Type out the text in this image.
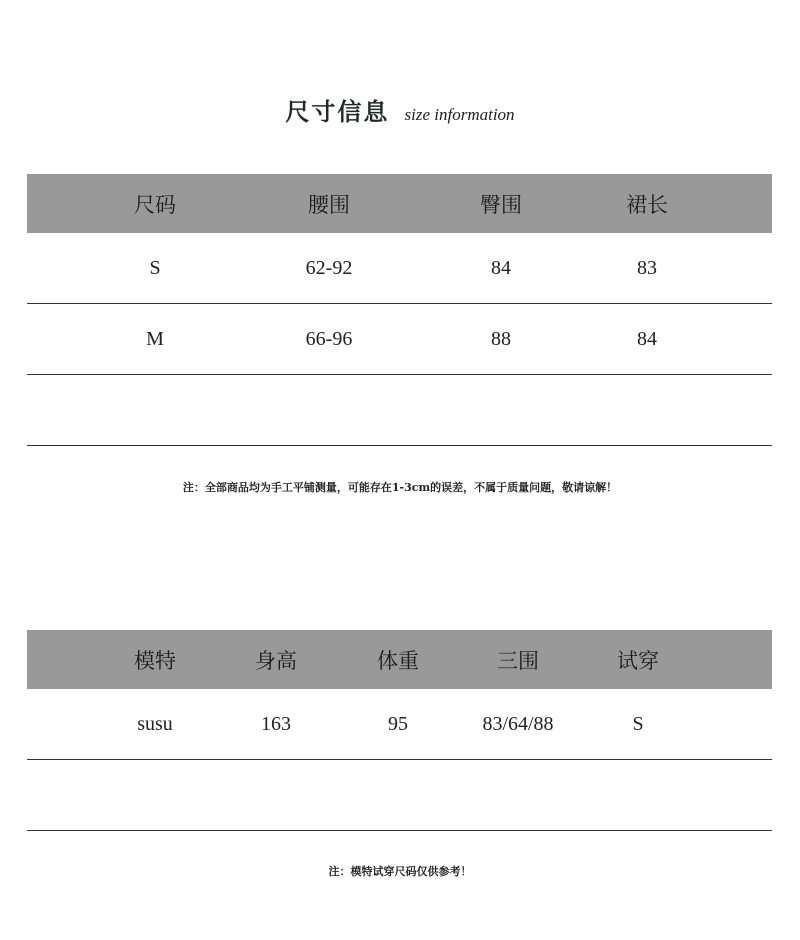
尺寸信息 size information
尺码	腰围	臀围	裙长
S	62-92	84	83
M	66-96	88	84
注：全部商品均为手工平铺测量，可能存在1-3cm的误差，不属于质量问题，敬请谅解！
模特	身高	体重	三围	试穿
susu	163	95	83/64/88	S
注：模特试穿尺码仅供参考！
